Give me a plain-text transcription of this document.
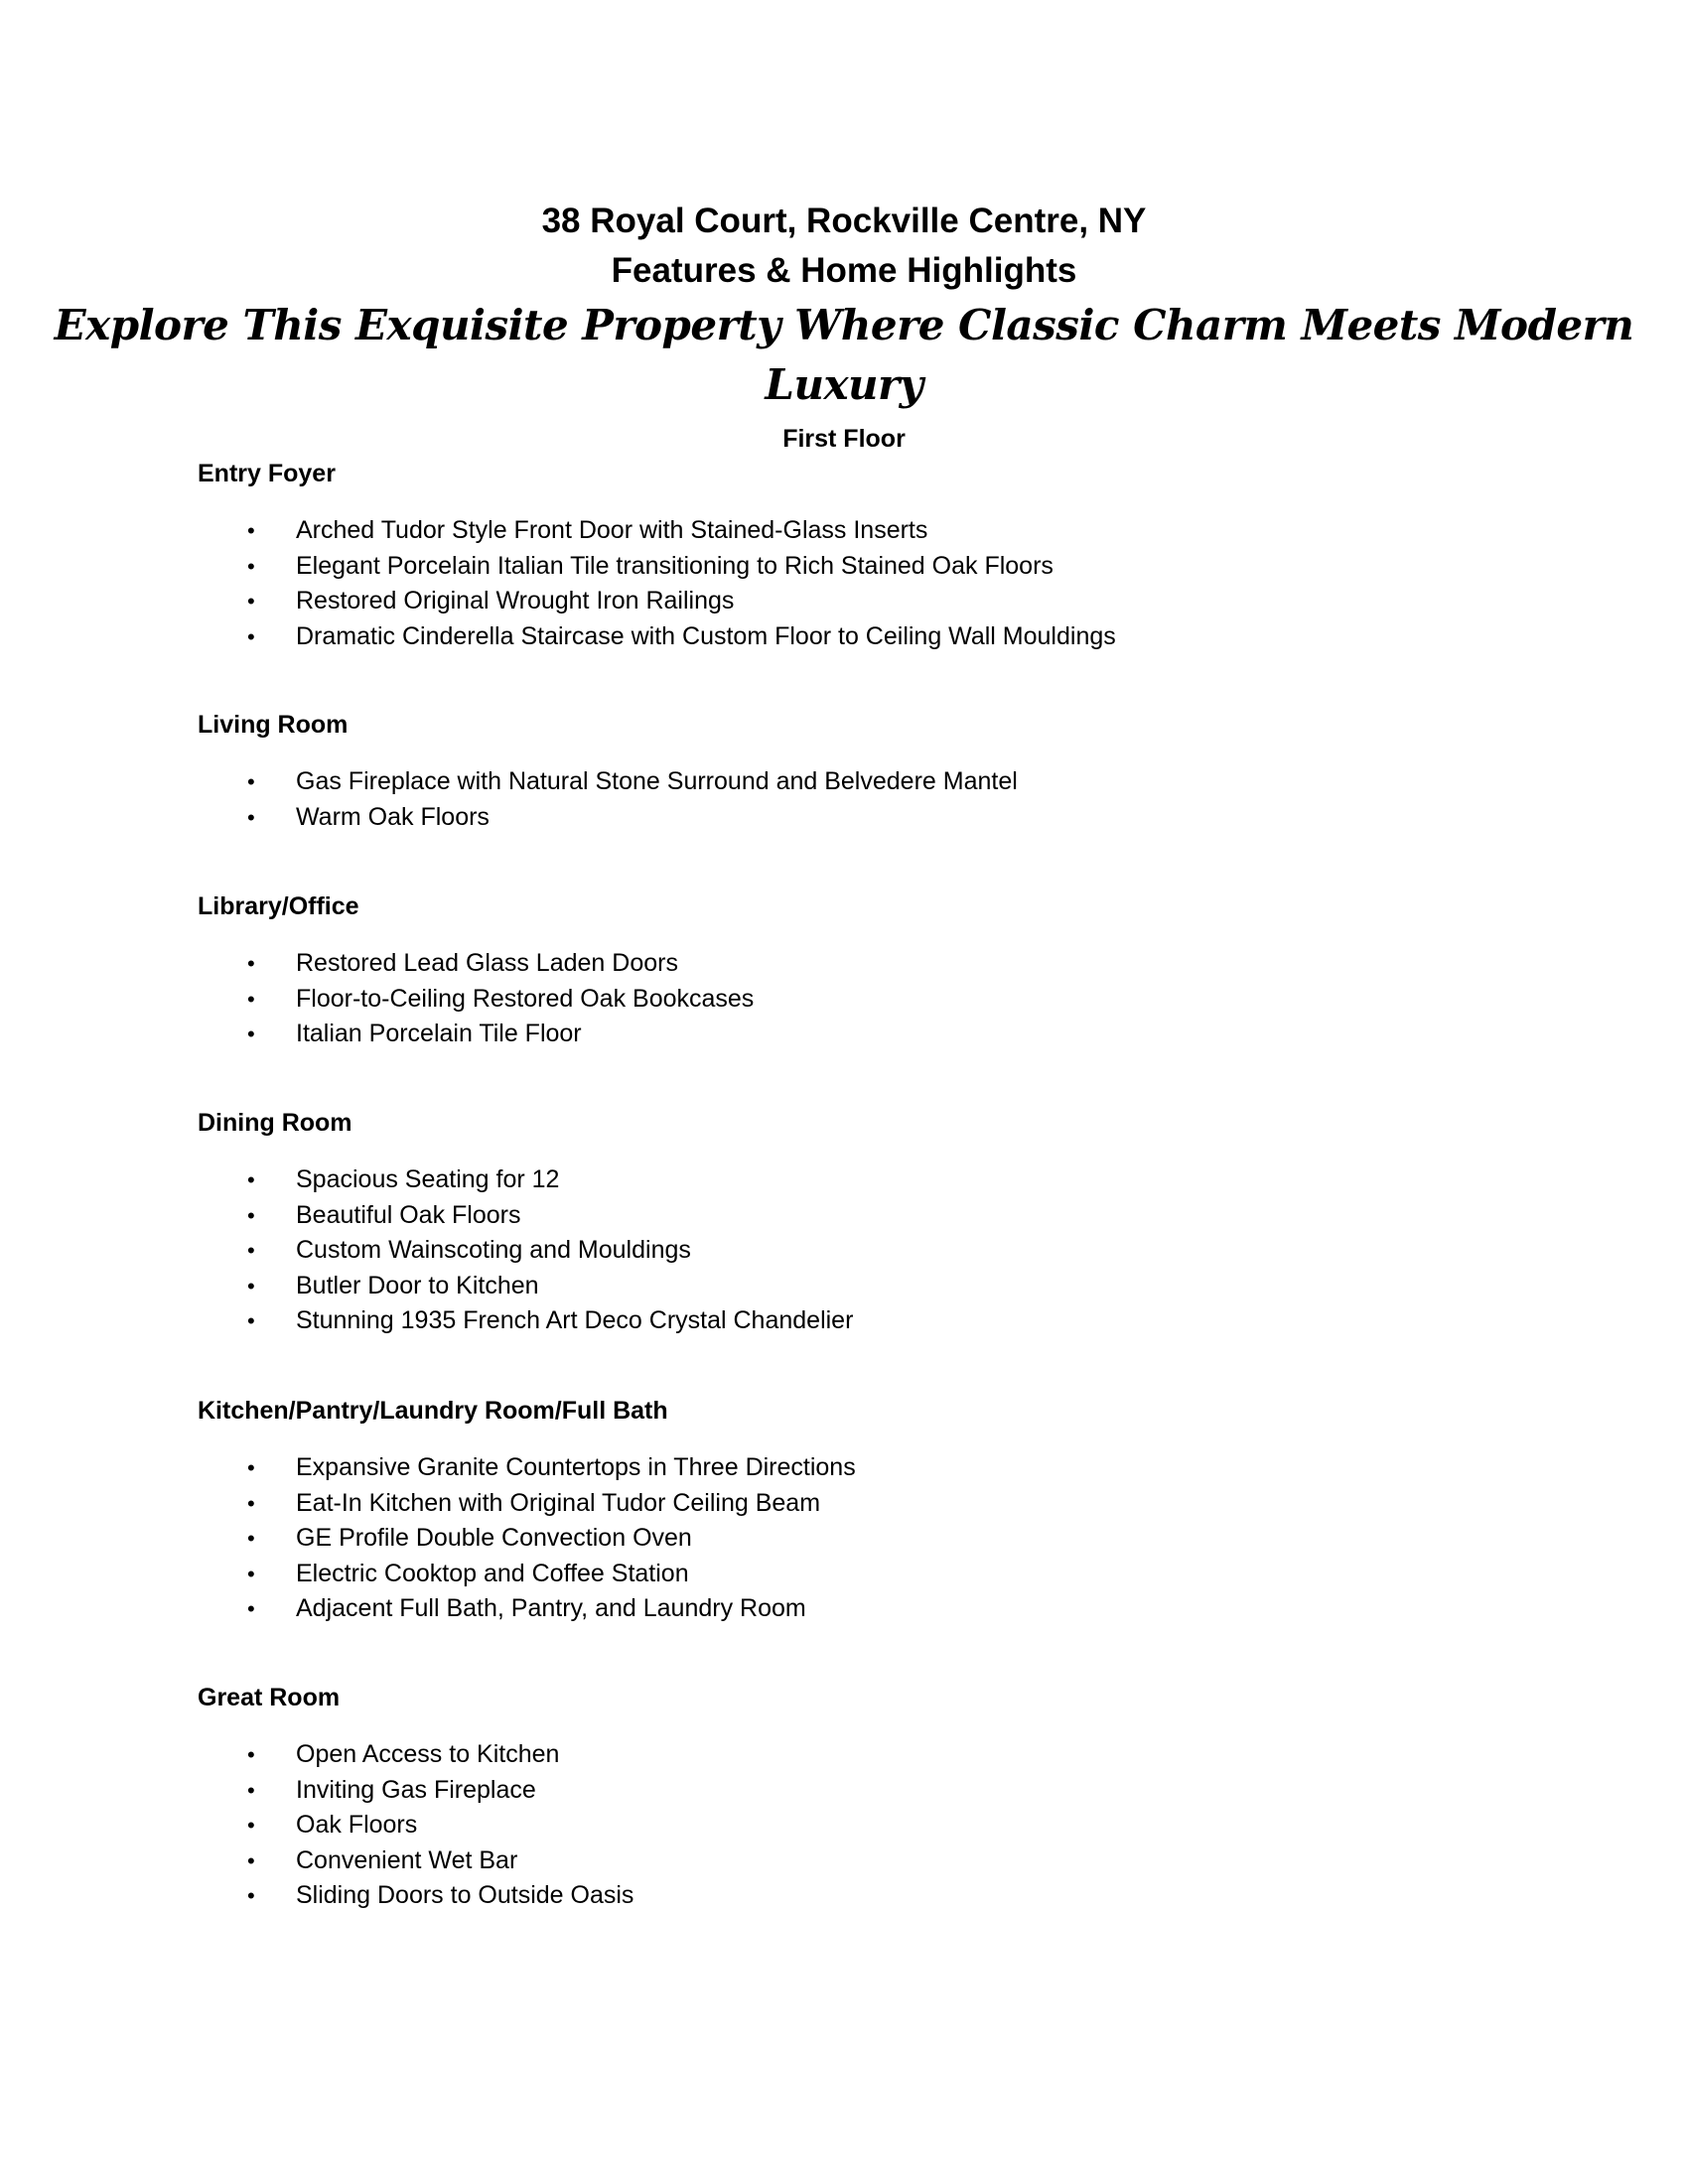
38 Royal Court, Rockville Centre, NY

Features & Home Highlights

Explore This Exquisite Property Where Classic Charm Meets Modern Luxury

First Floor

Entry Foyer

• Arched Tudor Style Front Door with Stained-Glass Inserts
• Elegant Porcelain Italian Tile transitioning to Rich Stained Oak Floors
• Restored Original Wrought Iron Railings
• Dramatic Cinderella Staircase with Custom Floor to Ceiling Wall Mouldings

Living Room

• Gas Fireplace with Natural Stone Surround and Belvedere Mantel
• Warm Oak Floors

Library/Office

• Restored Lead Glass Laden Doors
• Floor-to-Ceiling Restored Oak Bookcases
• Italian Porcelain Tile Floor

Dining Room

• Spacious Seating for 12
• Beautiful Oak Floors
• Custom Wainscoting and Mouldings
• Butler Door to Kitchen
• Stunning 1935 French Art Deco Crystal Chandelier

Kitchen/Pantry/Laundry Room/Full Bath

• Expansive Granite Countertops in Three Directions
• Eat-In Kitchen with Original Tudor Ceiling Beam
• GE Profile Double Convection Oven
• Electric Cooktop and Coffee Station
• Adjacent Full Bath, Pantry, and Laundry Room

Great Room

• Open Access to Kitchen
• Inviting Gas Fireplace
• Oak Floors
• Convenient Wet Bar
• Sliding Doors to Outside Oasis
